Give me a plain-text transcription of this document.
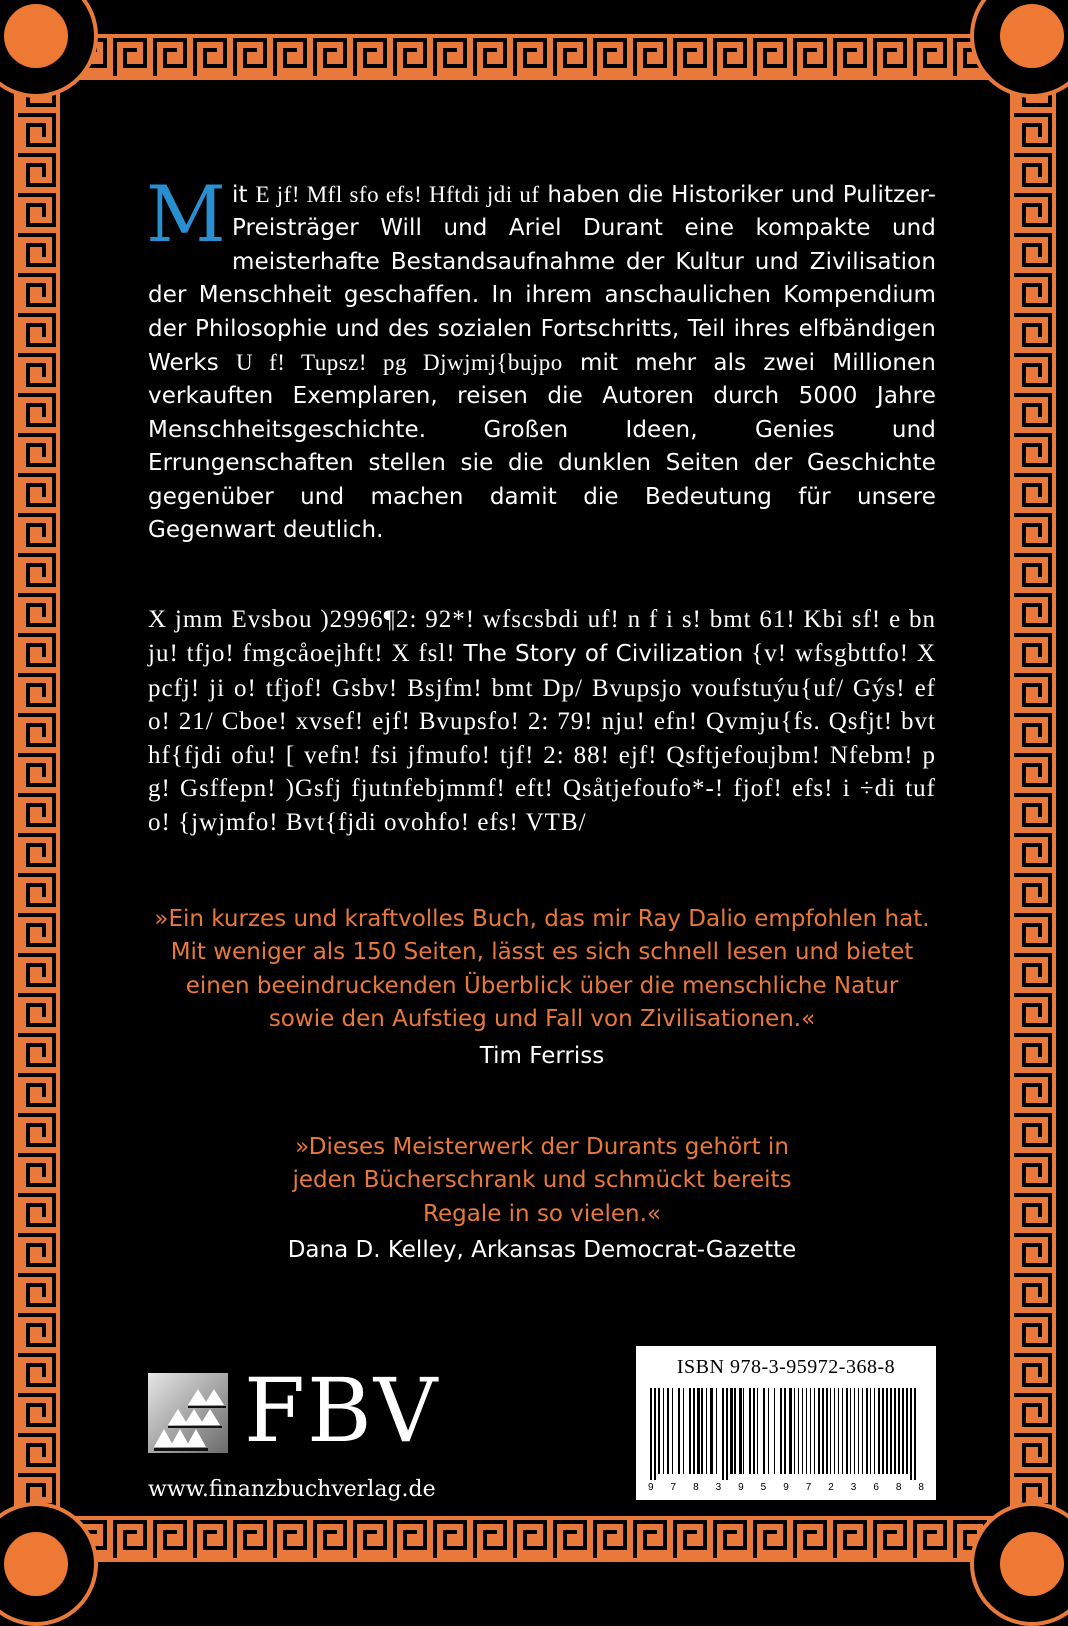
Mit E jf! Mfl sfo efs! Hftdi jdi uf haben die Historiker und Pulitzer-Preisträger Will und Ariel Durant eine kompakte und meisterhafte Bestandsaufnahme der Kultur und Zivilisation der Menschheit geschaffen. In ihrem anschaulichen Kompendium der Philosophie und des sozialen Fortschritts, Teil ihres elfbändigen Werks U f! Tupsz! pg Djwjmj{bujpo mit mehr als zwei Millionen verkauften Exemplaren, reisen die Autoren durch 5000 Jahre Menschheitsgeschichte. Großen Ideen, Genies und Errungenschaften stellen sie die dunklen Seiten der Geschichte gegenüber und machen damit die Bedeutung für unsere Gegenwart deutlich.

X jmm Evsbou )2996¶2: 92*! wfscsbdi uf! n f i s! bmt 61! Kbi sf! e bn ju! tfjo! fmgcåoejhft! X fsl! The Story of Civilization {v! wfsgbttfo! X pcfj! ji o! tfjof! Gsbv! Bsjfm! bmt Dp/ Bvupsjo voufstuýu{uf/ Gýs! efo! 21/ Cboe! xvsef! ejf! Bvupsfo! 2: 79! nju! efn! Qvmju{fs. Qsfjt! bvthf{fjdi ofu! [ vefn! fsi jfmufo! tjf! 2: 88! ejf! Qsftjefoujbm! Nfebm! pg! Gsffepn! )Gsfj fjutnfebjmmf! eft! Qsåtjefoufo*-! fjof! efs! i ÷di tufo! {jwjmfo! Bvt{fjdi ovohfo! efs! VTB/

»Ein kurzes und kraftvolles Buch, das mir Ray Dalio empfohlen hat. Mit weniger als 150 Seiten, lässt es sich schnell lesen und bietet einen beeindruckenden Überblick über die menschliche Natur sowie den Aufstieg und Fall von Zivilisationen.«
Tim Ferriss
»Dieses Meisterwerk der Durants gehört in jeden Bücherschrank und schmückt bereits Regale in so vielen.«
Dana D. Kelley, Arkansas Democrat-Gazette
FBV
www.finanzbuchverlag.de
ISBN 978-3-95972-368-8
9 7 8 3 9 5 9 7 2 3 6 8 8
